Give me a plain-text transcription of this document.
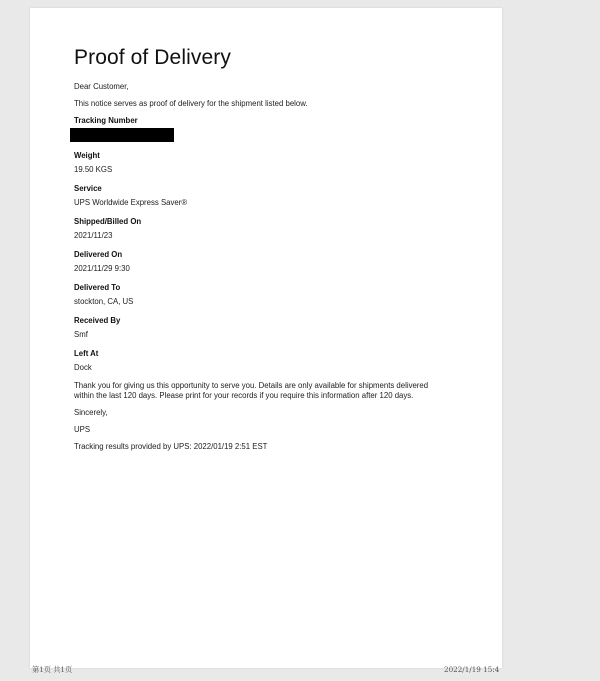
Proof of Delivery

Dear Customer,

This notice serves as proof of delivery for the shipment listed below.

Tracking Number

Weight

19.50 KGS

Service

UPS Worldwide Express Saver®

Shipped/Billed On

2021/11/23

Delivered On

2021/11/29 9:30

Delivered To

stockton, CA, US

Received By

Smf

Left At

Dock

Thank you for giving us this opportunity to serve you. Details are only available for shipments delivered

within the last 120 days. Please print for your records if you require this information after 120 days.

Sincerely,

UPS

Tracking results provided by UPS: 2022/01/19 2:51 EST

第1页 共1页	2022/1/19 15:4
